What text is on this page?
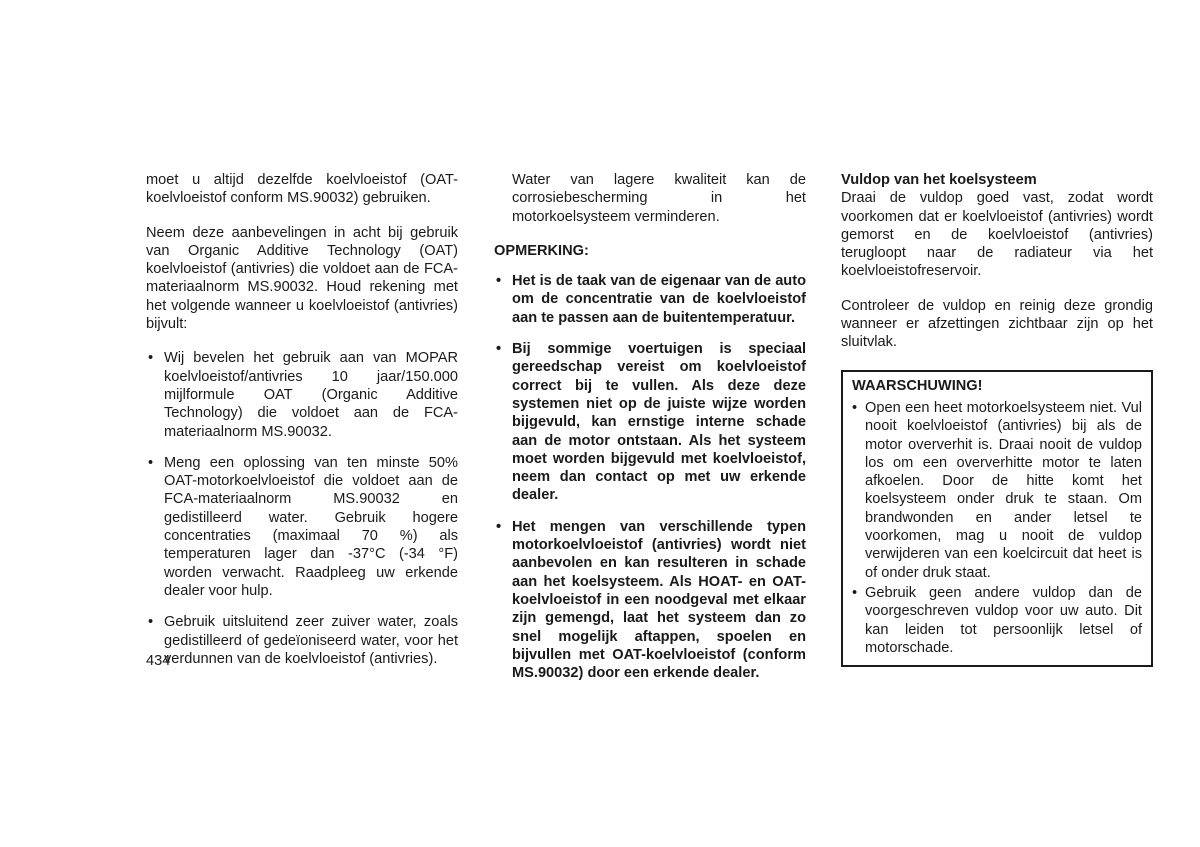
moet u altijd dezelfde koelvloeistof (OAT-koelvloeistof conform MS.90032) gebruiken.

Neem deze aanbevelingen in acht bij gebruik van Organic Additive Technology (OAT) koelvloeistof (antivries) die voldoet aan de FCA-materiaalnorm MS.90032. Houd rekening met het volgende wanneer u koelvloeistof (antivries) bijvult:

• Wij bevelen het gebruik aan van MOPAR koelvloeistof/antivries 10 jaar/150.000 mijlformule OAT (Organic Additive Technology) die voldoet aan de FCA-materiaalnorm MS.90032.
• Meng een oplossing van ten minste 50% OAT-motorkoelvloeistof die voldoet aan de FCA-materiaalnorm MS.90032 en gedistilleerd water. Gebruik hogere concentraties (maximaal 70 %) als temperaturen lager dan -37°C (-34 °F) worden verwacht. Raadpleeg uw erkende dealer voor hulp.
• Gebruik uitsluitend zeer zuiver water, zoals gedistilleerd of gedeïoniseerd water, voor het verdunnen van de koelvloeistof (antivries).

Water van lagere kwaliteit kan de corrosiebescherming in het motorkoelsysteem verminderen.

OPMERKING:
• Het is de taak van de eigenaar van de auto om de concentratie van de koelvloeistof aan te passen aan de buitentemperatuur.
• Bij sommige voertuigen is speciaal gereedschap vereist om koelvloeistof correct bij te vullen. Als deze deze systemen niet op de juiste wijze worden bijgevuld, kan ernstige interne schade aan de motor ontstaan. Als het systeem moet worden bijgevuld met koelvloeistof, neem dan contact op met uw erkende dealer.
• Het mengen van verschillende typen motorkoelvloeistof (antivries) wordt niet aanbevolen en kan resulteren in schade aan het koelsysteem. Als HOAT- en OAT-koelvloeistof in een noodgeval met elkaar zijn gemengd, laat het systeem dan zo snel mogelijk aftappen, spoelen en bijvullen met OAT-koelvloeistof (conform MS.90032) door een erkende dealer.
Vuldop van het koelsysteem

Draai de vuldop goed vast, zodat wordt voorkomen dat er koelvloeistof (antivries) wordt gemorst en de koelvloeistof (antivries) terugloopt naar de radiateur via het koelvloeistofreservoir.

Controleer de vuldop en reinig deze grondig wanneer er afzettingen zichtbaar zijn op het sluitvlak.

WAARSCHUWING!
• Open een heet motorkoelsysteem niet. Vul nooit koelvloeistof (antivries) bij als de motor oververhit is. Draai nooit de vuldop los om een oververhitte motor te laten afkoelen. Door de hitte komt het koelsysteem onder druk te staan. Om brandwonden en ander letsel te voorkomen, mag u nooit de vuldop verwijderen van een koelcircuit dat heet is of onder druk staat.
• Gebruik geen andere vuldop dan de voorgeschreven vuldop voor uw auto. Dit kan leiden tot persoonlijk letsel of motorschade.
434
